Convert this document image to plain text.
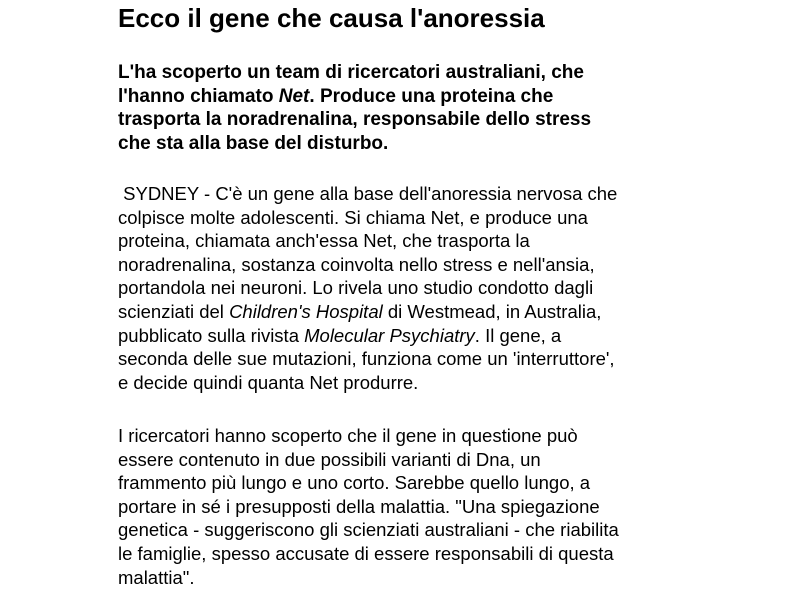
Ecco il gene che causa l'anoressia

L'ha scoperto un team di ricercatori australiani, che
l'hanno chiamato Net. Produce una proteina che
trasporta la noradrenalina, responsabile dello stress
che sta alla base del disturbo.

SYDNEY - C'è un gene alla base dell'anoressia nervosa che
colpisce molte adolescenti. Si chiama Net, e produce una
proteina, chiamata anch'essa Net, che trasporta la
noradrenalina, sostanza coinvolta nello stress e nell'ansia,
portandola nei neuroni. Lo rivela uno studio condotto dagli
scienziati del Children's Hospital di Westmead, in Australia,
pubblicato sulla rivista Molecular Psychiatry. Il gene, a
seconda delle sue mutazioni, funziona come un 'interruttore',
e decide quindi quanta Net produrre.

I ricercatori hanno scoperto che il gene in questione può
essere contenuto in due possibili varianti di Dna, un
frammento più lungo e uno corto. Sarebbe quello lungo, a
portare in sé i presupposti della malattia. "Una spiegazione
genetica - suggeriscono gli scienziati australiani - che riabilita
le famiglie, spesso accusate di essere responsabili di questa
malattia".
